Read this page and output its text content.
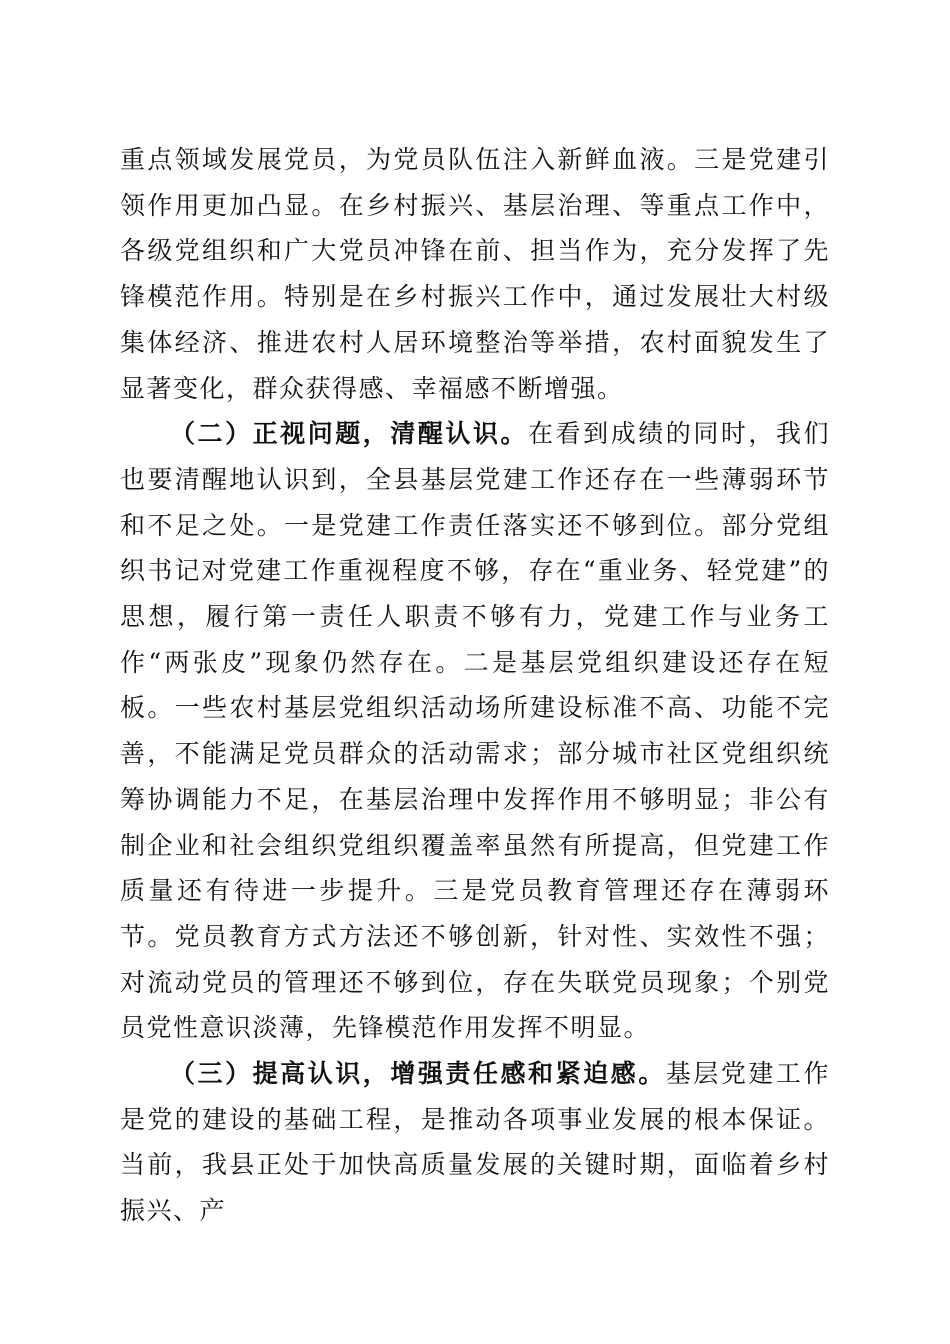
重点领域发展党员，为党员队伍注入新鲜血液。三是党建引领作用更加凸显。在乡村振兴、基层治理、等重点工作中，各级党组织和广大党员冲锋在前、担当作为，充分发挥了先锋模范作用。特别是在乡村振兴工作中，通过发展壮大村级集体经济、推进农村人居环境整治等举措，农村面貌发生了显著变化，群众获得感、幸福感不断增强。

（二）正视问题，清醒认识。在看到成绩的同时，我们也要清醒地认识到，全县基层党建工作还存在一些薄弱环节和不足之处。一是党建工作责任落实还不够到位。部分党组织书记对党建工作重视程度不够，存在“重业务、轻党建”的思想，履行第一责任人职责不够有力，党建工作与业务工作“两张皮”现象仍然存在。二是基层党组织建设还存在短板。一些农村基层党组织活动场所建设标准不高、功能不完善，不能满足党员群众的活动需求；部分城市社区党组织统筹协调能力不足，在基层治理中发挥作用不够明显；非公有制企业和社会组织党组织覆盖率虽然有所提高，但党建工作质量还有待进一步提升。三是党员教育管理还存在薄弱环节。党员教育方式方法还不够创新，针对性、实效性不强；对流动党员的管理还不够到位，存在失联党员现象；个别党员党性意识淡薄，先锋模范作用发挥不明显。

（三）提高认识，增强责任感和紧迫感。基层党建工作是党的建设的基础工程，是推动各项事业发展的根本保证。当前，我县正处于加快高质量发展的关键时期，面临着乡村振兴、产
